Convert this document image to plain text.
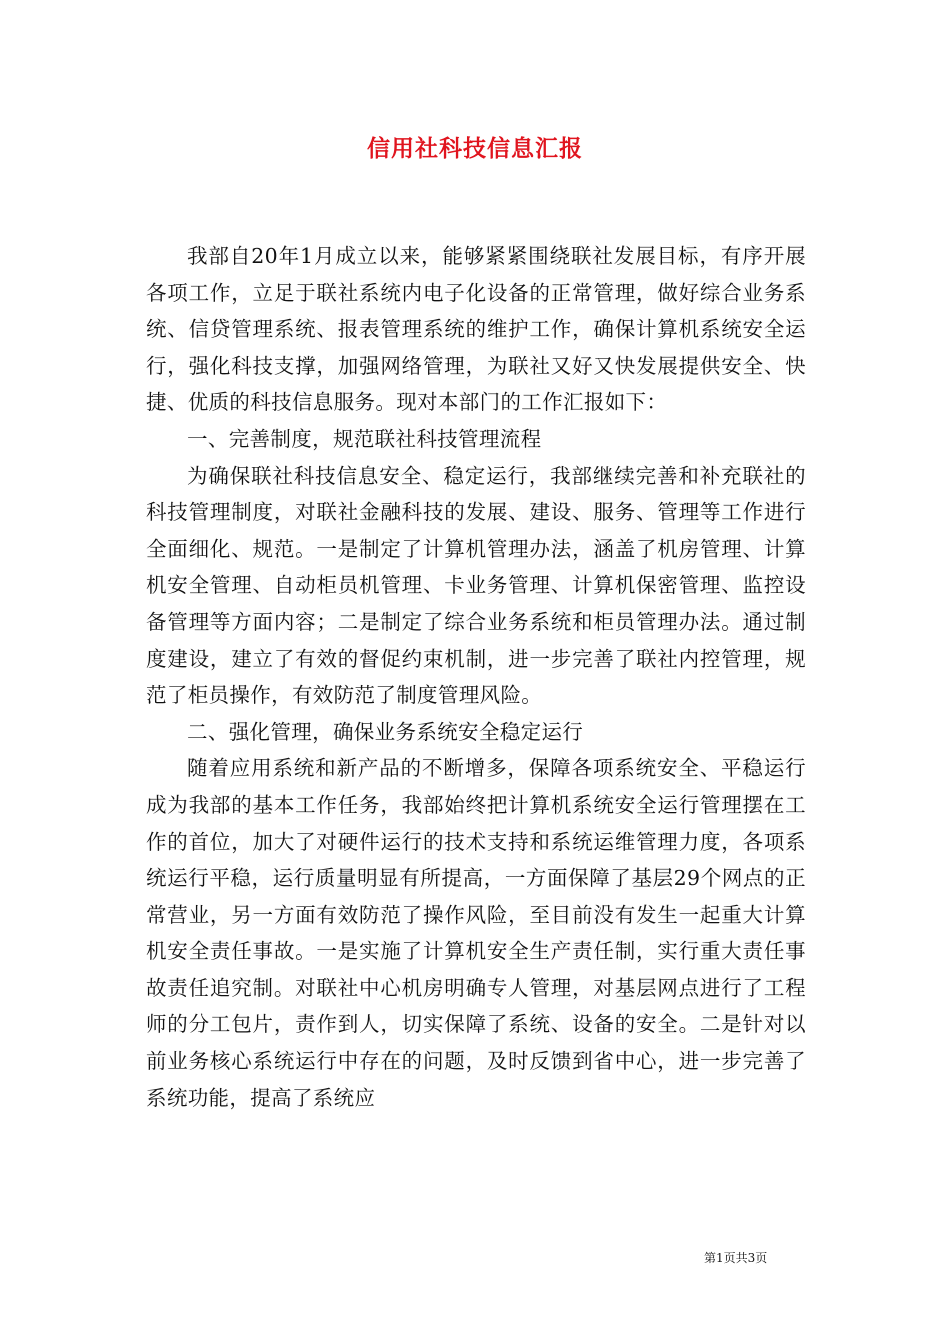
信用社科技信息汇报

我部自20年1月成立以来，能够紧紧围绕联社发展目标，有序开展各项工作，立足于联社系统内电子化设备的正常管理，做好综合业务系统、信贷管理系统、报表管理系统的维护工作，确保计算机系统安全运行，强化科技支撑，加强网络管理，为联社又好又快发展提供安全、快捷、优质的科技信息服务。现对本部门的工作汇报如下：

一、完善制度，规范联社科技管理流程

为确保联社科技信息安全、稳定运行，我部继续完善和补充联社的科技管理制度，对联社金融科技的发展、建设、服务、管理等工作进行全面细化、规范。一是制定了计算机管理办法，涵盖了机房管理、计算机安全管理、自动柜员机管理、卡业务管理、计算机保密管理、监控设备管理等方面内容；二是制定了综合业务系统和柜员管理办法。通过制度建设，建立了有效的督促约束机制，进一步完善了联社内控管理，规范了柜员操作，有效防范了制度管理风险。

二、强化管理，确保业务系统安全稳定运行

随着应用系统和新产品的不断增多，保障各项系统安全、平稳运行成为我部的基本工作任务，我部始终把计算机系统安全运行管理摆在工作的首位，加大了对硬件运行的技术支持和系统运维管理力度，各项系统运行平稳，运行质量明显有所提高，一方面保障了基层29个网点的正常营业，另一方面有效防范了操作风险，至目前没有发生一起重大计算机安全责任事故。一是实施了计算机安全生产责任制，实行重大责任事故责任追究制。对联社中心机房明确专人管理，对基层网点进行了工程师的分工包片，责作到人，切实保障了系统、设备的安全。二是针对以前业务核心系统运行中存在的问题，及时反馈到省中心，进一步完善了系统功能，提高了系统应

第1页共3页
